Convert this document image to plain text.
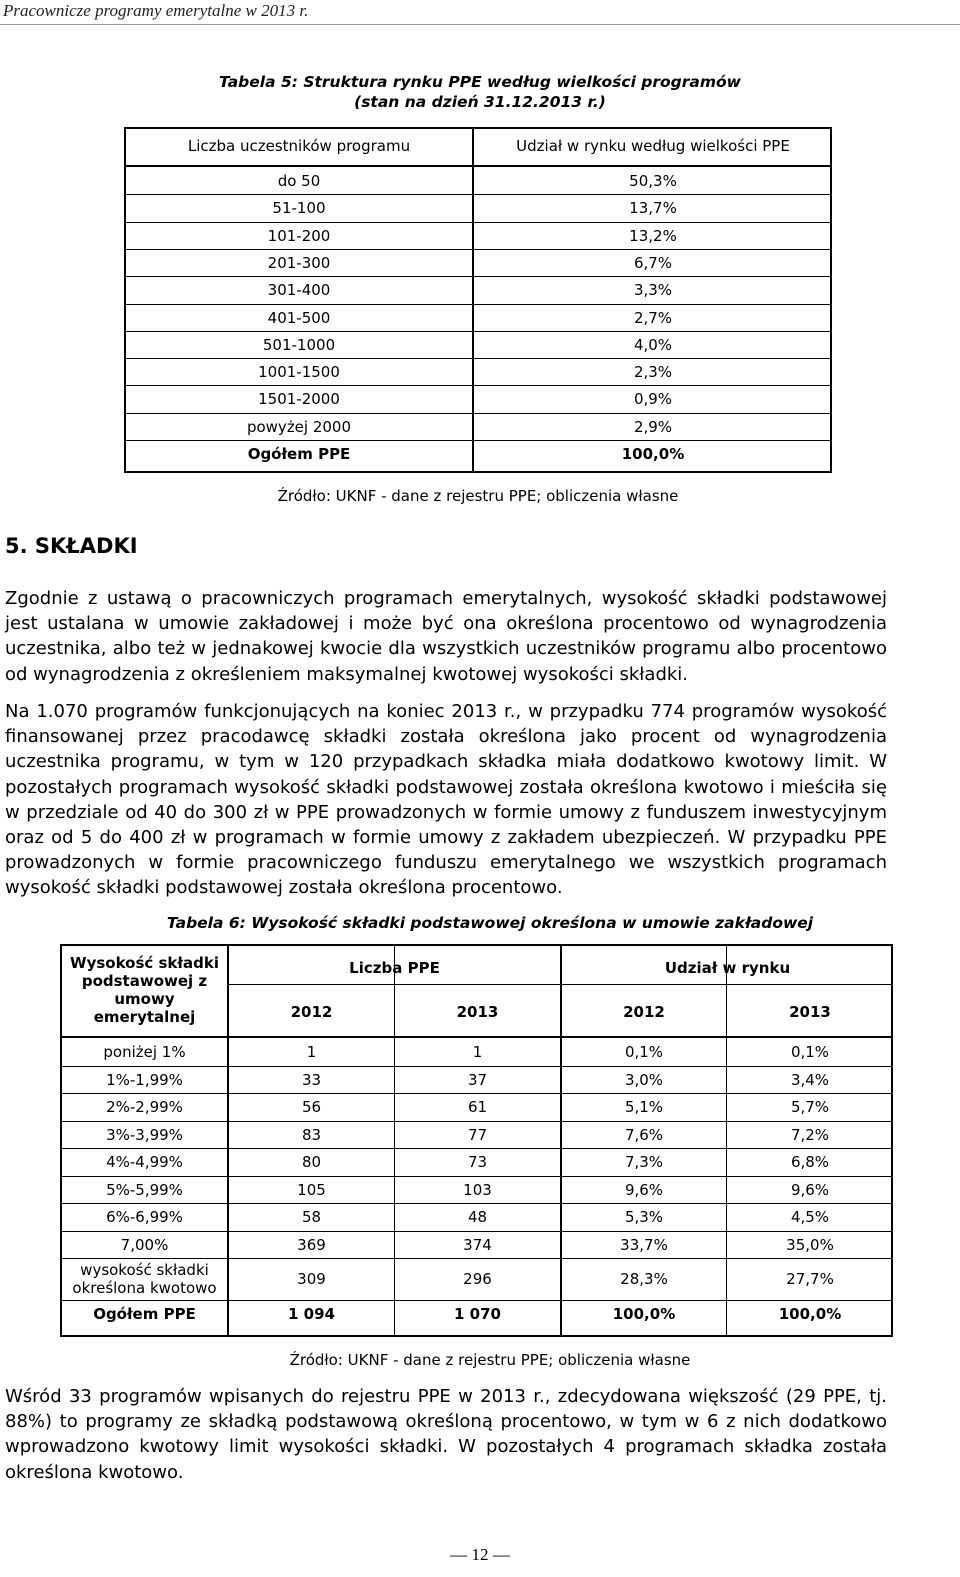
Pracownicze programy emerytalne w 2013 r.
Tabela 5: Struktura rynku PPE według wielkości programów
(stan na dzień 31.12.2013 r.)
Liczba uczestników programu	Udział w rynku według wielkości PPE
do 50	50,3%
51-100	13,7%
101-200	13,2%
201-300	6,7%
301-400	3,3%
401-500	2,7%
501-1000	4,0%
1001-1500	2,3%
1501-2000	0,9%
powyżej 2000	2,9%
Ogółem PPE	100,0%
Źródło: UKNF - dane z rejestru PPE; obliczenia własne
5. SKŁADKI
Zgodnie z ustawą o pracowniczych programach emerytalnych, wysokość składki podstawowej jest ustalana w umowie zakładowej i może być ona określona procentowo od wynagrodzenia uczestnika, albo też w jednakowej kwocie dla wszystkich uczestników programu albo procentowo od wynagrodzenia z określeniem maksymalnej kwotowej wysokości składki.
Na 1.070 programów funkcjonujących na koniec 2013 r., w przypadku 774 programów wysokość finansowanej przez pracodawcę składki została określona jako procent od wynagrodzenia uczestnika programu, w tym w 120 przypadkach składka miała dodatkowo kwotowy limit. W pozostałych programach wysokość składki podstawowej została określona kwotowo i mieściła się w przedziale od 40 do 300 zł w PPE prowadzonych w formie umowy z funduszem inwestycyjnym oraz od 5 do 400 zł w programach w formie umowy z zakładem ubezpieczeń. W przypadku PPE prowadzonych w formie pracowniczego funduszu emerytalnego we wszystkich programach wysokość składki podstawowej została określona procentowo.
Tabela 6: Wysokość składki podstawowej określona w umowie zakładowej
Wysokość składki
podstawowej z
umowy
emerytalnej
Liczba PPE	Udział w rynku
2012	2013	2012	2013
poniżej 1%	1	1	0,1%	0,1%
1%-1,99%	33	37	3,0%	3,4%
2%-2,99%	56	61	5,1%	5,7%
3%-3,99%	83	77	7,6%	7,2%
4%-4,99%	80	73	7,3%	6,8%
5%-5,99%	105	103	9,6%	9,6%
6%-6,99%	58	48	5,3%	4,5%
7,00%	369	374	33,7%	35,0%
wysokość składki
określona kwotowo	309	296	28,3%	27,7%
Ogółem PPE	1 094	1 070	100,0%	100,0%
Źródło: UKNF - dane z rejestru PPE; obliczenia własne
Wśród 33 programów wpisanych do rejestru PPE w 2013 r., zdecydowana większość (29 PPE, tj. 88%) to programy ze składką podstawową określoną procentowo, w tym w 6 z nich dodatkowo wprowadzono kwotowy limit wysokości składki. W pozostałych 4 programach składka została określona kwotowo.
— 12 —
